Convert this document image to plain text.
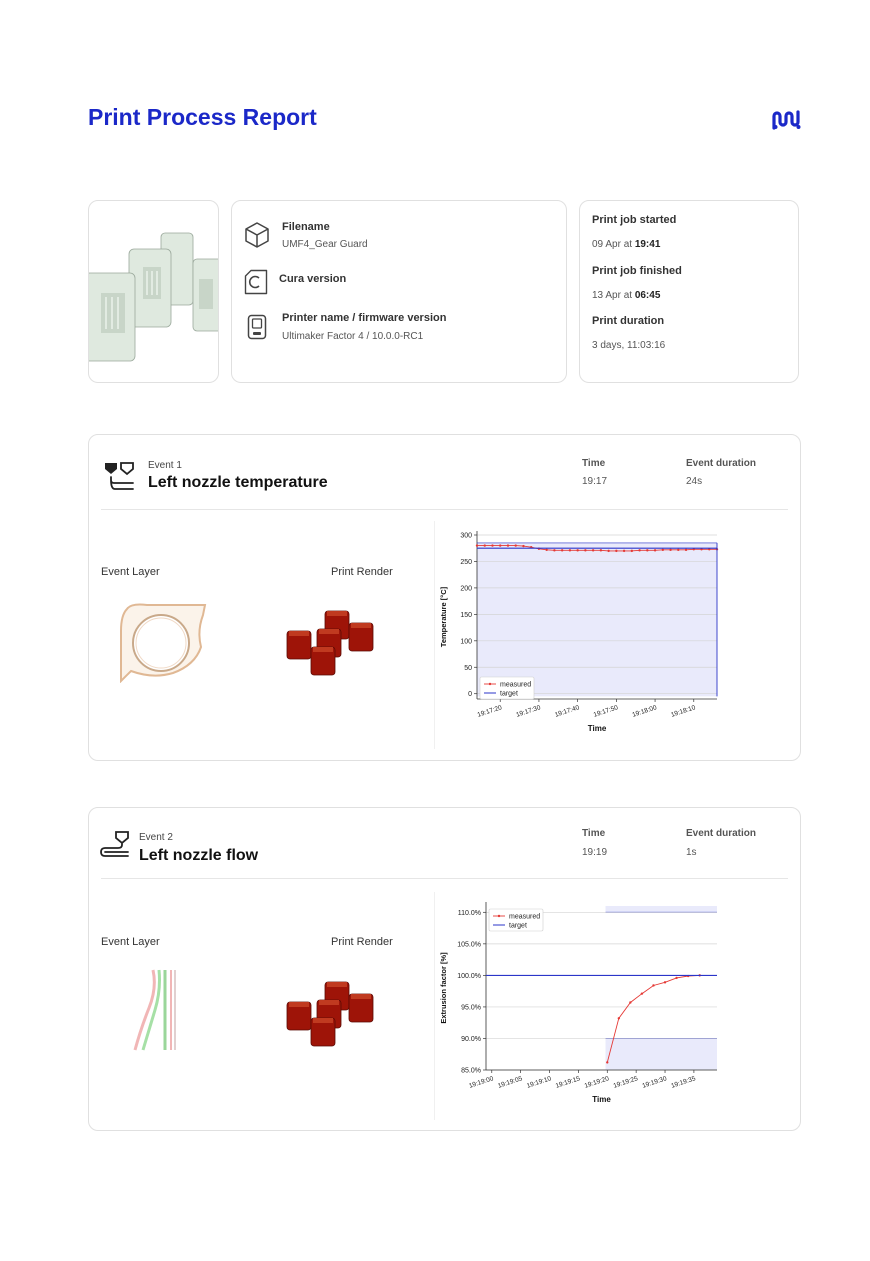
Print Process Report
Filename
UMF4_Gear Guard
Cura version
Printer name / firmware version
Ultimaker Factor 4 / 10.0.0-RC1
Print job started
09 Apr at 19:41
Print job finished
13 Apr at 06:45
Print duration
3 days, 11:03:16
Event 1
Left nozzle temperature
Time
19:17
Event duration
24s
Event Layer	Print Render
0
50
100
150
200
250
300
19:17:20 19:17:30 19:17:40 19:17:50 19:18:00 19:18:10
measured
target
Time
Temperature [°C]
Event 2
Left nozzle flow
Time
19:19
Event duration
1s
Event Layer	Print Render
85.0%
90.0%
95.0%
100.0%
105.0%
110.0%
19:19:00 19:19:05 19:19:10 19:19:15 19:19:20 19:19:25 19:19:30 19:19:35
measured
target
Time
Extrusion factor [%]
